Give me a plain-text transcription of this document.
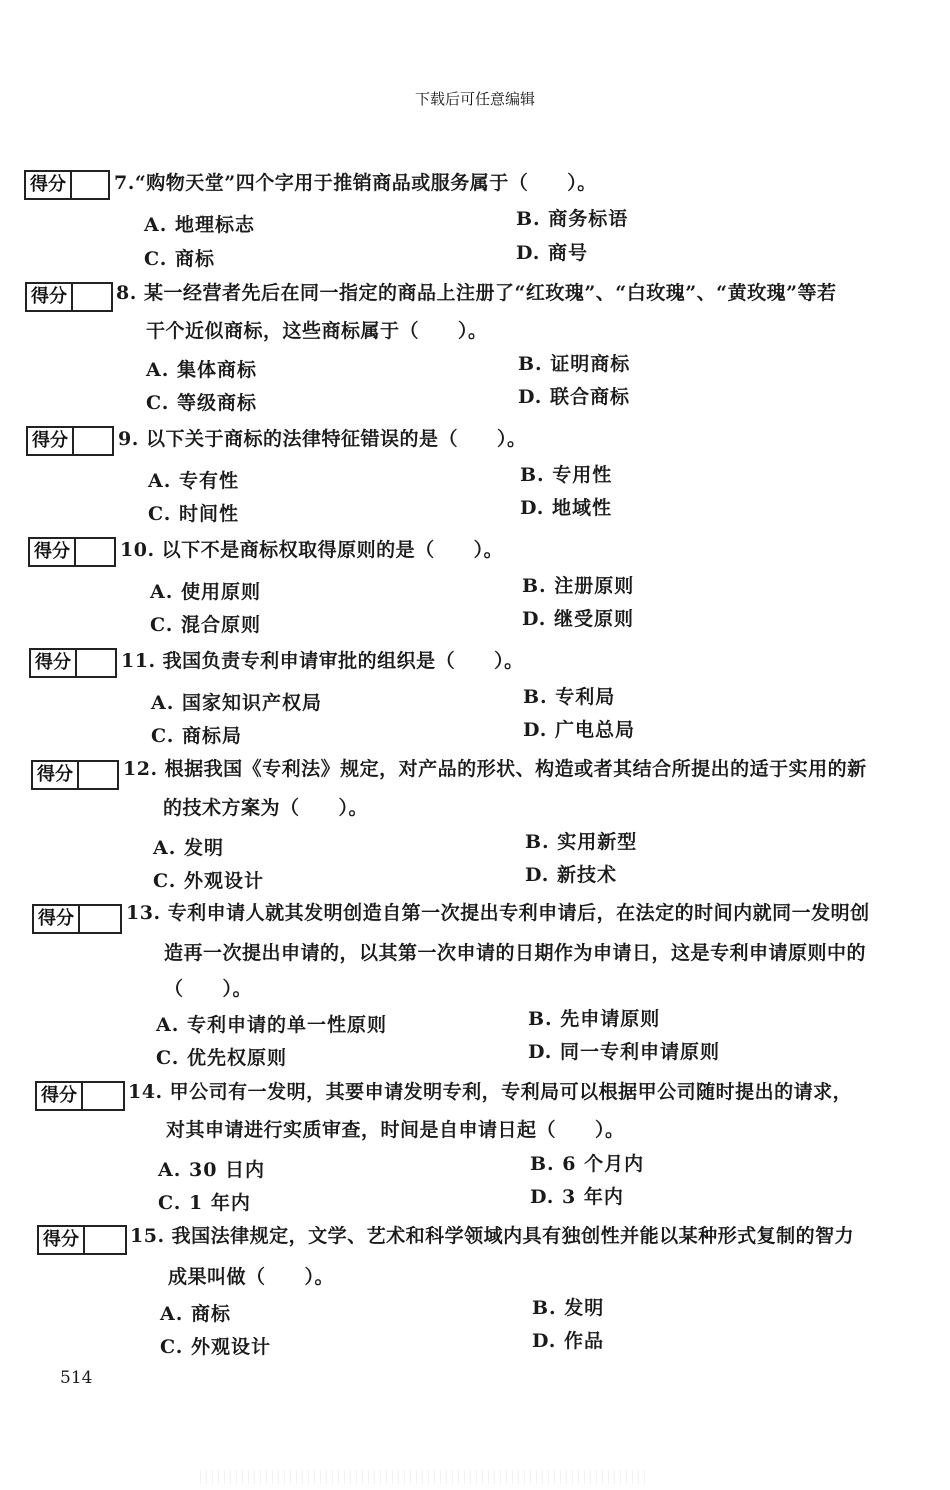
下载后可任意编辑
得分	7.“购物天堂”四个字用于推销商品或服务属于（　　）。
A. 地理标志	B. 商务标语
C. 商标	D. 商号
得分	8. 某一经营者先后在同一指定的商品上注册了“红玫瑰”、“白玫瑰”、“黄玫瑰”等若
干个近似商标，这些商标属于（　　）。
A. 集体商标	B. 证明商标
C. 等级商标	D. 联合商标
得分	9. 以下关于商标的法律特征错误的是（　　）。
A. 专有性	B. 专用性
C. 时间性	D. 地域性
得分	10. 以下不是商标权取得原则的是（　　）。
A. 使用原则	B. 注册原则
C. 混合原则	D. 继受原则
得分	11. 我国负责专利申请审批的组织是（　　）。
A. 国家知识产权局	B. 专利局
C. 商标局	D. 广电总局
得分	12. 根据我国《专利法》规定，对产品的形状、构造或者其结合所提出的适于实用的新
的技术方案为（　　）。
A. 发明	B. 实用新型
C. 外观设计	D. 新技术
得分	13. 专利申请人就其发明创造自第一次提出专利申请后，在法定的时间内就同一发明创
造再一次提出申请的，以其第一次申请的日期作为申请日，这是专利申请原则中的
（　　）。
A. 专利申请的单一性原则	B. 先申请原则
C. 优先权原则	D. 同一专利申请原则
得分	14. 甲公司有一发明，其要申请发明专利，专利局可以根据甲公司随时提出的请求，
对其申请进行实质审查，时间是自申请日起（　　）。
A. 30 日内	B. 6 个月内
C. 1 年内	D. 3 年内
得分	15. 我国法律规定，文学、艺术和科学领域内具有独创性并能以某种形式复制的智力
成果叫做（　　）。
A. 商标	B. 发明
C. 外观设计	D. 作品
514
